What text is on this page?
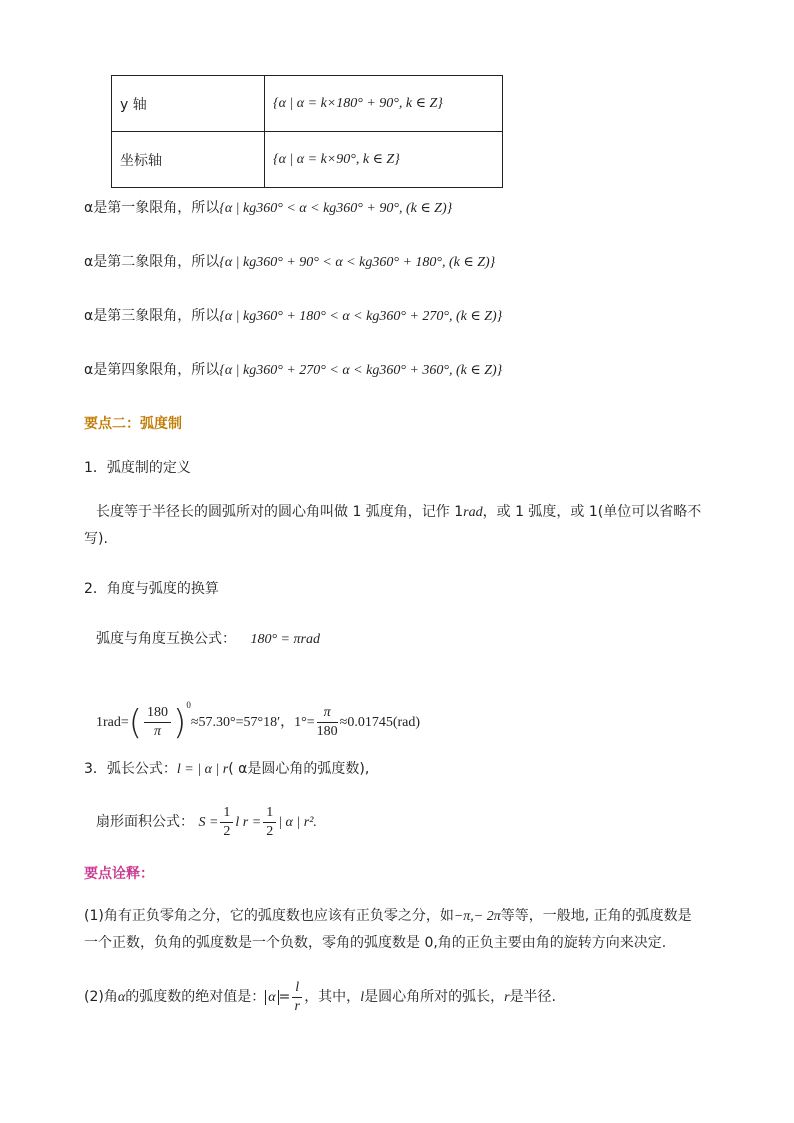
y 轴	{α | α = k×180° + 90°, k ∈ Z}
坐标轴	{α | α = k×90°, k ∈ Z}
α是第一象限角，所以{α | kg360° < α < kg360° + 90°, (k ∈ Z)}
α是第二象限角，所以{α | kg360° + 90° < α < kg360° + 180°, (k ∈ Z)}
α是第三象限角，所以{α | kg360° + 180° < α < kg360° + 270°, (k ∈ Z)}
α是第四象限角，所以{α | kg360° + 270° < α < kg360° + 360°, (k ∈ Z)}
要点二：弧度制
1．弧度制的定义
长度等于半径长的圆弧所对的圆心角叫做 1 弧度角，记作 1rad，或 1 弧度，或 1(单位可以省略不写).
2．角度与弧度的换算
弧度与角度互换公式： 180° = πrad
$1rad=( \frac{180}{\pi} )^0\approx 57.30^\circ=57^\circ 18'$，$1^\circ= \frac{\pi}{180} \approx 0.01745(rad)$
3．弧长公式：l = | α | r( α是圆心角的弧度数),
扇形面积公式： $S = \frac{1}{2}$ l $r = \frac{1}{2}$ | α | r².
要点诠释：
(1)角有正负零角之分，它的弧度数也应该有正负零之分，如−π,− 2π等等，一般地, 正角的弧度数是
一个正数，负角的弧度数是一个负数，零角的弧度数是 0,角的正负主要由角的旋转方向来决定.
(2)角α的弧度数的绝对值是： $\alpha = \frac{l}{r}$ ，其中，l是圆心角所对的弧长，r是半径.
